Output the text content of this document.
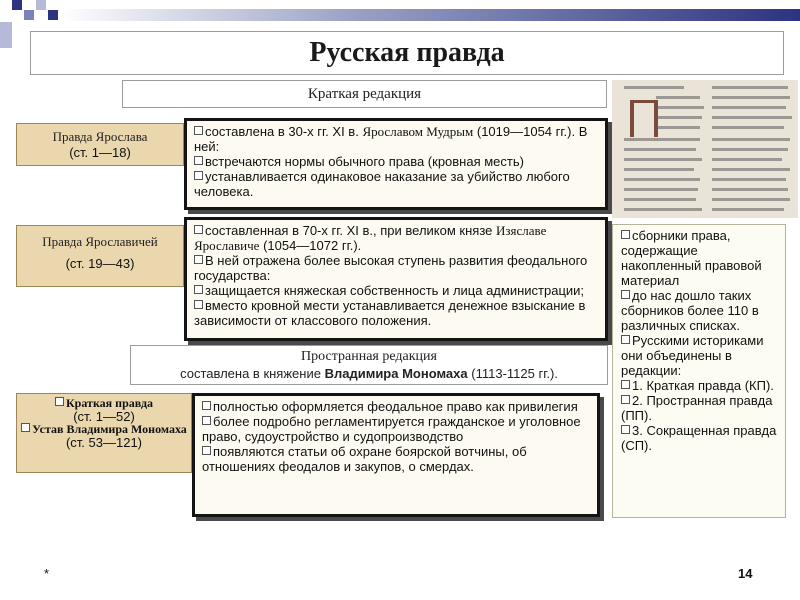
Русская правда
Краткая редакция
Правда Ярослава
(ст. 1—18)

составлена в 30-х гг. XI в. Ярославом Мудрым (1019—1054 гг.). В ней:

встречаются нормы обычного права (кровная месть)

устанавливается одинаковое наказание за убийство любого человека.

Правда Ярославичей
(ст. 19—43)

составленная в 70-х гг. XI в., при великом князе Изяславе Ярославиче (1054—1072 гг.).

В ней отражена более высокая ступень развития феодального государства:

защищается княжеская собственность и лица администрации;

вместо кровной мести устанавливается денежное взыскание в зависимости от классового положения.

сборники права, содержащие накопленный правовой материал

до нас дошло таких сборников более 110 в различных списках.

Русскими историками они объединены в редакции:

1. Краткая правда (КП).

2. Пространная правда (ПП).

3. Сокращенная правда (СП).

Пространная редакция
составлена в княжение Владимира Мономаха (1113-1125 гг.).
Краткая правда
(ст. 1—52)
Устав Владимира Мономаха
(ст. 53—121)

полностью оформляется феодальное право как привилегия

более подробно регламентируется гражданское и уголовное право, судоустройство и судопроизводство

появляются статьи об охране боярской вотчины, об отношениях феодалов и закупов, о смердах.

*	14
